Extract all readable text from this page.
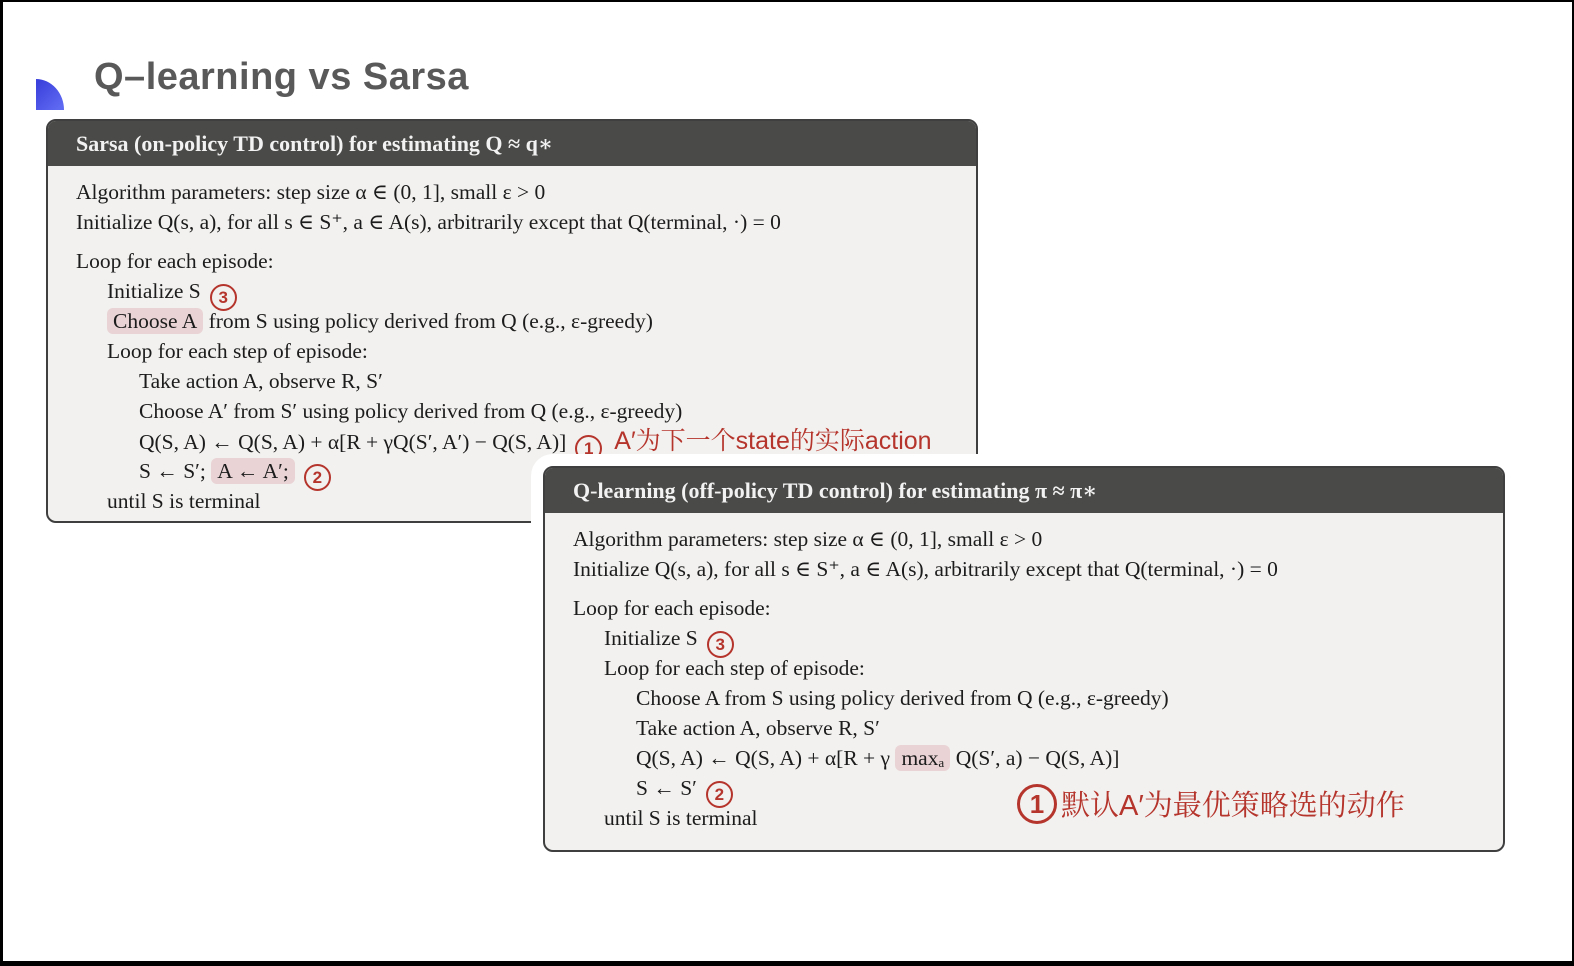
Q–learning vs Sarsa
Sarsa (on-policy TD control) for estimating Q ≈ q∗
Algorithm parameters: step size α ∈ (0, 1], small ε > 0
Initialize Q(s, a), for all s ∈ S⁺, a ∈ A(s), arbitrarily except that Q(terminal, ·) = 0
Loop for each episode:
Initialize S 3
Choose A from S using policy derived from Q (e.g., ε-greedy)
Loop for each step of episode:
Take action A, observe R, S′
Choose A′ from S′ using policy derived from Q (e.g., ε-greedy)
Q(S, A) ← Q(S, A) + α[R + γQ(S′, A′) − Q(S, A)] 1 A′为下一个state的实际action
S ← S′; A ← A′; 2
until S is terminal	Q-learning (off-policy TD control) for estimating π ≈ π∗
Algorithm parameters: step size α ∈ (0, 1], small ε > 0
Initialize Q(s, a), for all s ∈ S⁺, a ∈ A(s), arbitrarily except that Q(terminal, ·) = 0
Loop for each episode:
Initialize S 3
Loop for each step of episode:
Choose A from S using policy derived from Q (e.g., ε-greedy)
Take action A, observe R, S′
Q(S, A) ← Q(S, A) + α[R + γ maxₐ Q(S′, a) − Q(S, A)]
S ← S′ 2
until S is terminal	1 默认A′为最优策略选的动作
